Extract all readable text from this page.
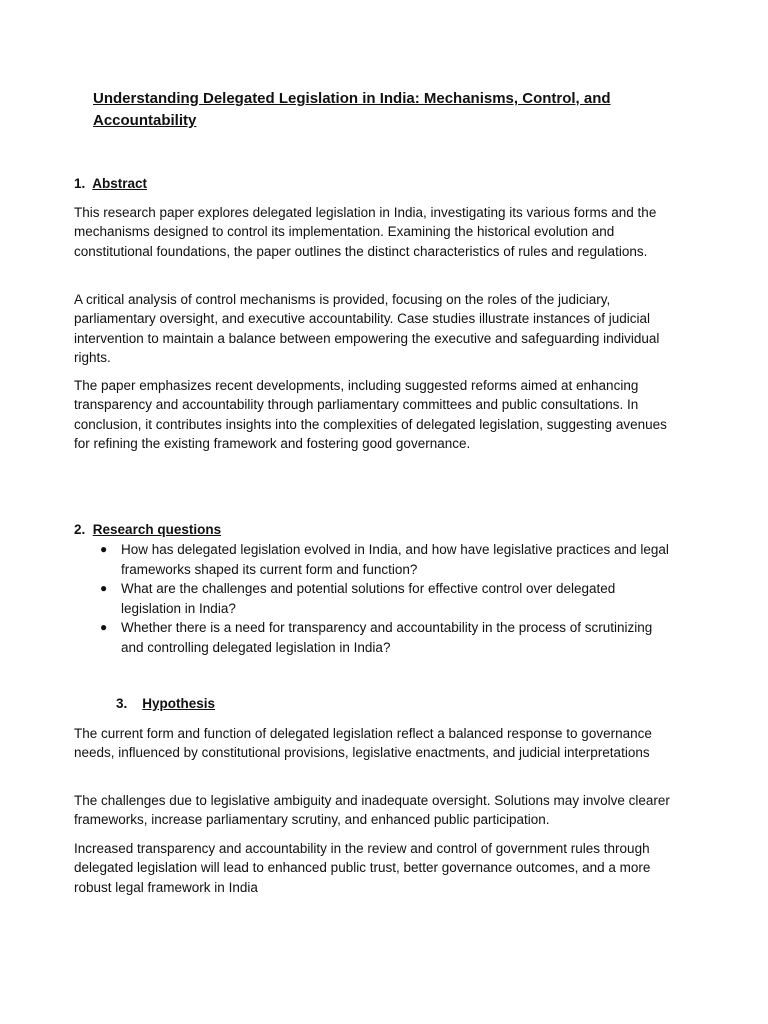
Understanding Delegated Legislation in India: Mechanisms, Control, and Accountability
1. Abstract

This research paper explores delegated legislation in India, investigating its various forms and the mechanisms designed to control its implementation. Examining the historical evolution and constitutional foundations, the paper outlines the distinct characteristics of rules and regulations.

A critical analysis of control mechanisms is provided, focusing on the roles of the judiciary, parliamentary oversight, and executive accountability. Case studies illustrate instances of judicial intervention to maintain a balance between empowering the executive and safeguarding individual rights.

The paper emphasizes recent developments, including suggested reforms aimed at enhancing transparency and accountability through parliamentary committees and public consultations. In conclusion, it contributes insights into the complexities of delegated legislation, suggesting avenues for refining the existing framework and fostering good governance.

2. Research questions
● How has delegated legislation evolved in India, and how have legislative practices and legal frameworks shaped its current form and function?
● What are the challenges and potential solutions for effective control over delegated legislation in India?
● Whether there is a need for transparency and accountability in the process of scrutinizing and controlling delegated legislation in India?
3. Hypothesis

The current form and function of delegated legislation reflect a balanced response to governance needs, influenced by constitutional provisions, legislative enactments, and judicial interpretations

The challenges due to legislative ambiguity and inadequate oversight. Solutions may involve clearer frameworks, increase parliamentary scrutiny, and enhanced public participation.

Increased transparency and accountability in the review and control of government rules through delegated legislation will lead to enhanced public trust, better governance outcomes, and a more robust legal framework in India
